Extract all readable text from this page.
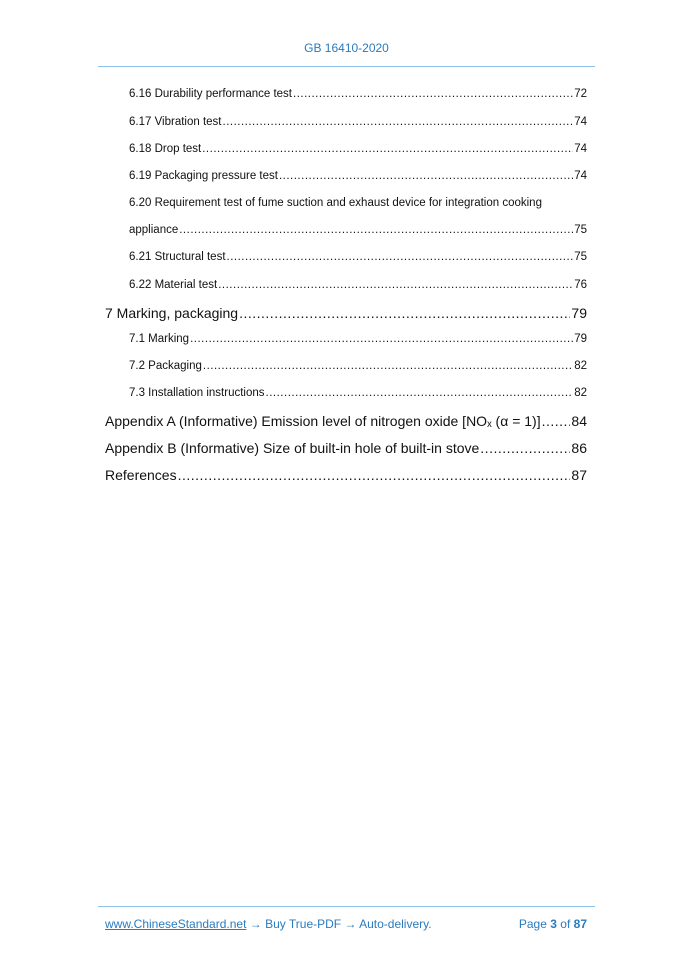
GB 16410-2020
6.16 Durability performance test .....	72
6.17 Vibration test .....	74
6.18 Drop test .....	74
6.19 Packaging pressure test .....	74
6.20 Requirement test of fume suction and exhaust device for integration cooking
appliance .....	75
6.21 Structural test .....	75
6.22 Material test .....	76
7 Marking, packaging .....	79
7.1 Marking .....	79
7.2 Packaging .....	82
7.3 Installation instructions .....	82
Appendix A (Informative) Emission level of nitrogen oxide [NOₓ (α = 1)] ..... 84
Appendix B (Informative) Size of built-in hole of built-in stove .....	86
References .....	87
www.ChineseStandard.net → Buy True-PDF → Auto-delivery.	Page 3 of 87
